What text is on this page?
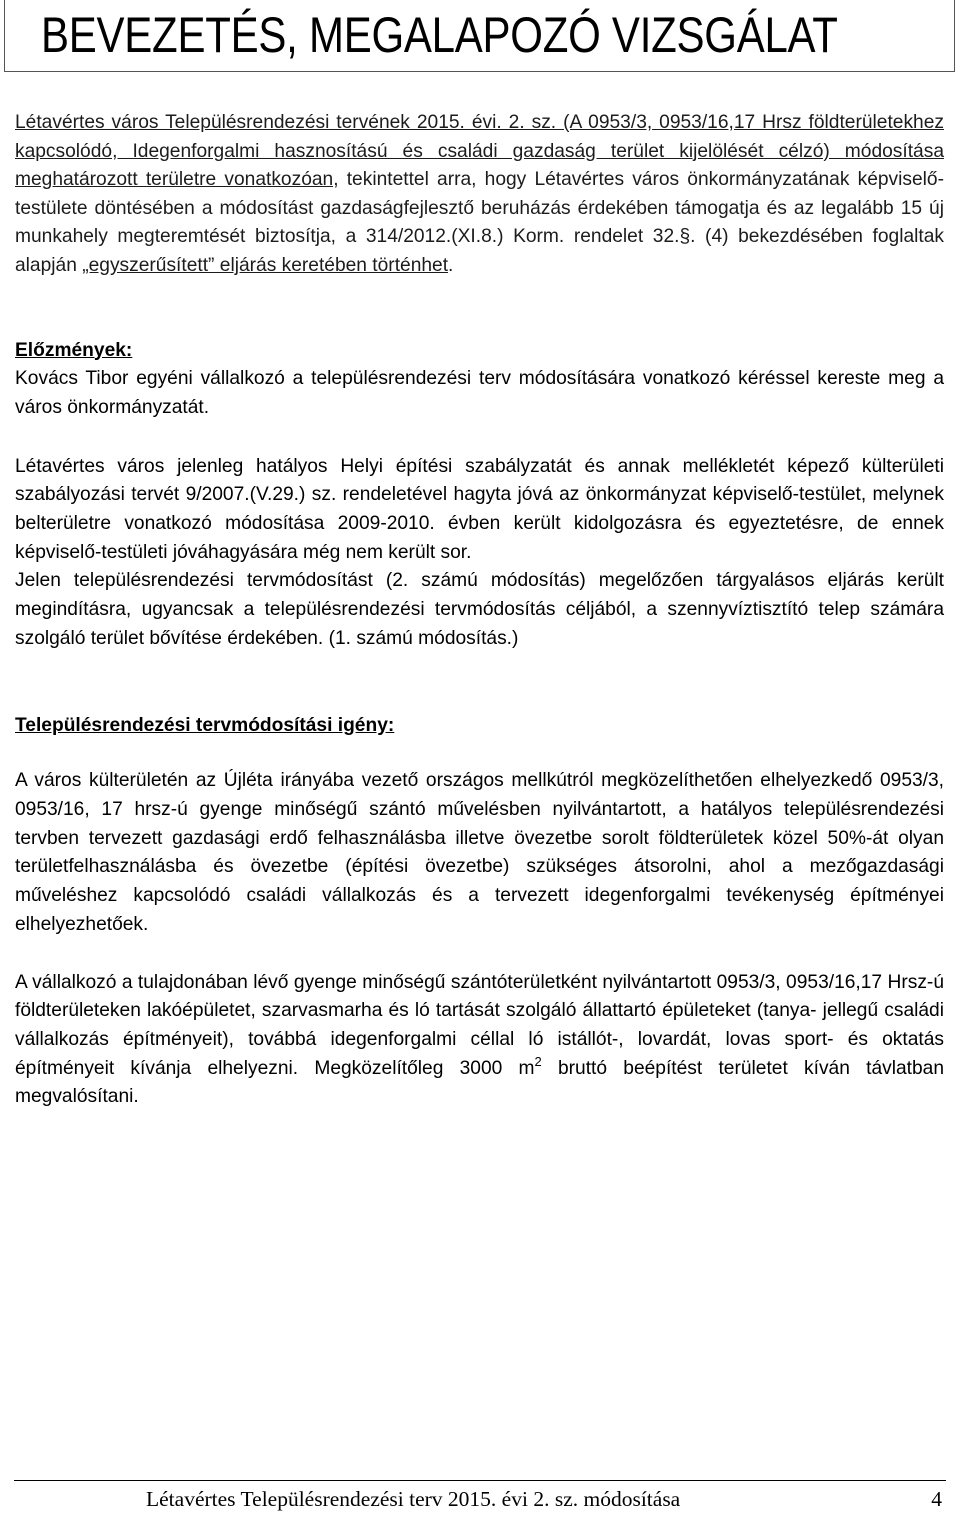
BEVEZETÉS, MEGALAPOZÓ VIZSGÁLAT

Létavértes város Településrendezési tervének 2015. évi. 2. sz. (A 0953/3, 0953/16,17 Hrsz földterületekhez kapcsolódó, Idegenforgalmi hasznosítású és családi gazdaság terület kijelölését célzó) módosítása meghatározott területre vonatkozóan, tekintettel arra, hogy Létavértes város önkormányzatának képviselő-testülete döntésében a módosítást gazdaságfejlesztő beruházás érdekében támogatja és az legalább 15 új munkahely megteremtését biztosítja, a 314/2012.(XI.8.) Korm. rendelet 32.§. (4) bekezdésében foglaltak alapján „egyszerűsített” eljárás keretében történhet.

Előzmények:

Kovács Tibor egyéni vállalkozó a településrendezési terv módosítására vonatkozó kéréssel kereste meg a város önkormányzatát.

Létavértes város jelenleg hatályos Helyi építési szabályzatát és annak mellékletét képező külterületi szabályozási tervét 9/2007.(V.29.) sz. rendeletével hagyta jóvá az önkormányzat képviselő-testület, melynek belterületre vonatkozó módosítása 2009-2010. évben került kidolgozásra és egyeztetésre, de ennek képviselő-testületi jóváhagyására még nem került sor.

Jelen településrendezési tervmódosítást (2. számú módosítás) megelőzően tárgyalásos eljárás került megindításra, ugyancsak a településrendezési tervmódosítás céljából, a szennyvíztisztító telep számára szolgáló terület bővítése érdekében. (1. számú módosítás.)

Településrendezési tervmódosítási igény:

A város külterületén az Újléta irányába vezető országos mellkútról megközelíthetően elhelyezkedő 0953/3, 0953/16, 17 hrsz-ú gyenge minőségű szántó művelésben nyilvántartott, a hatályos településrendezési tervben tervezett gazdasági erdő felhasználásba illetve övezetbe sorolt földterületek közel 50%-át olyan területfelhasználásba és övezetbe (építési övezetbe) szükséges átsorolni, ahol a mezőgazdasági műveléshez kapcsolódó családi vállalkozás és a tervezett idegenforgalmi tevékenység építményei elhelyezhetőek.

A vállalkozó a tulajdonában lévő gyenge minőségű szántóterületként nyilvántartott 0953/3, 0953/16,17 Hrsz-ú földterületeken lakóépületet, szarvasmarha és ló tartását szolgáló állattartó épületeket (tanya- jellegű családi vállalkozás építményeit), továbbá idegenforgalmi céllal ló istállót-, lovardát, lovas sport- és oktatás építményeit kívánja elhelyezni. Megközelítőleg 3000 $m^2$ bruttó beépítést területet kíván távlatban megvalósítani.

Létavértes Településrendezési terv 2015. évi 2. sz. módosítása	4
